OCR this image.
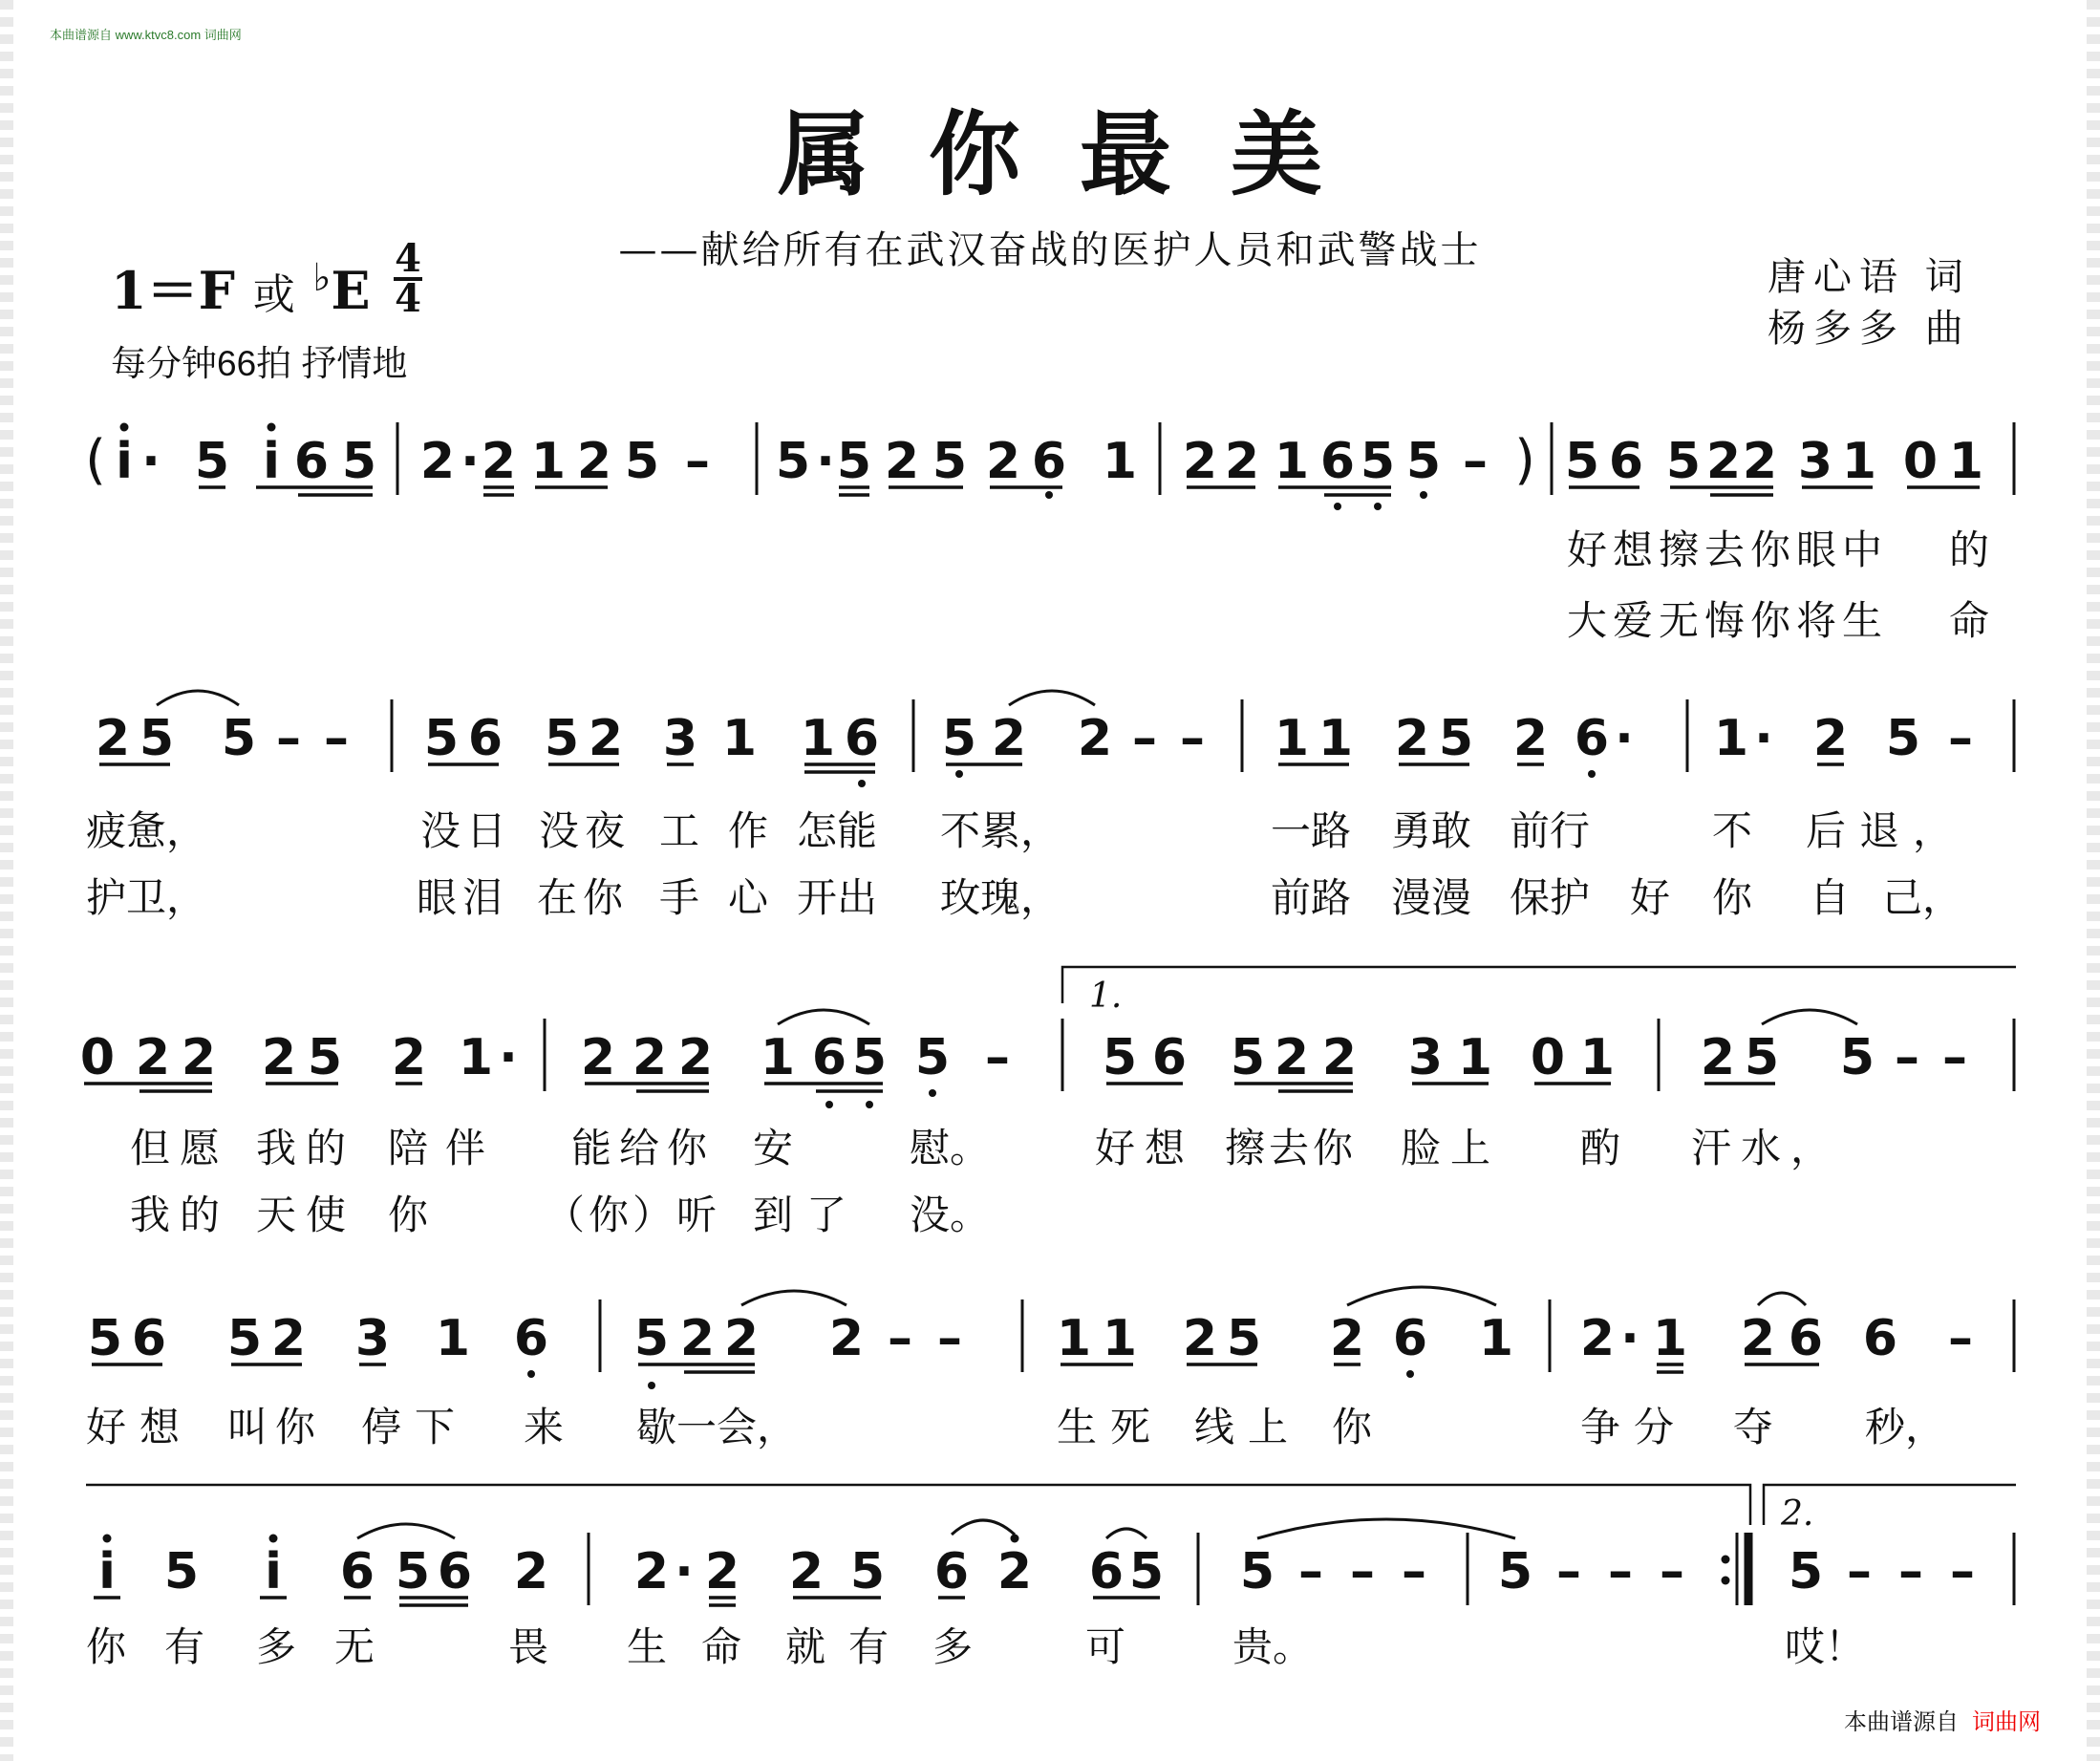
本曲谱源自 www.ktvc8.com 词曲网
属你最美
——献给所有在武汉奋战的医护人员和武警战士
1＝F 或 ♭E
4
4
每分钟66拍 抒情地
唐心语 词
杨多多 曲
( i · 5 i 6 5 2 · 2 1 2 5 – 5 · 5 2 5 2 6 1 2 2 1 6 5 5 – 5 6 5 2 2 3 1 0 1
)
好想擦去你眼中 的
大爱无悔你将生 命
2 5 5 – – 5 6 5 2 3 1 1 6 5 2 2 – – 1 1 2 5 2 6 · 1 · 2 5 –
疲惫，	没日 没夜 工作 怎能 不累，	一路 勇敢 前行	不 后退，
护卫，	眼泪 在你 手心 开出 玫瑰，	前路 漫漫 保护 好 你 自 己，
1.
0 2 2 2 5 2 1 · 2 2 2 1 6 5 5 – 5 6 5 2 2 3 1 0 1 2 5 5 – –
但愿 我的 陪伴 能给你 安	慰。	好想 擦去你 脸上 酌 汗水，
我的 天使 你	（你）听 到了 没。
5 6 5 2 3 1 6 5 2 2 2 – – 1 1 2 5 2 6 1 2 · 1 2 6 6 –
好想 叫你 停下 来 歇一会，	生死 线上 你	争分 夺 秒，
2.
i 5 i 6 5 6 2 2 · 2 2 5 6 2 6 5 5 – – – 5 – – – 5 – – –
你有 多无 畏 生命 就有 多	可	贵。	哎！
本曲谱源自 词曲网
